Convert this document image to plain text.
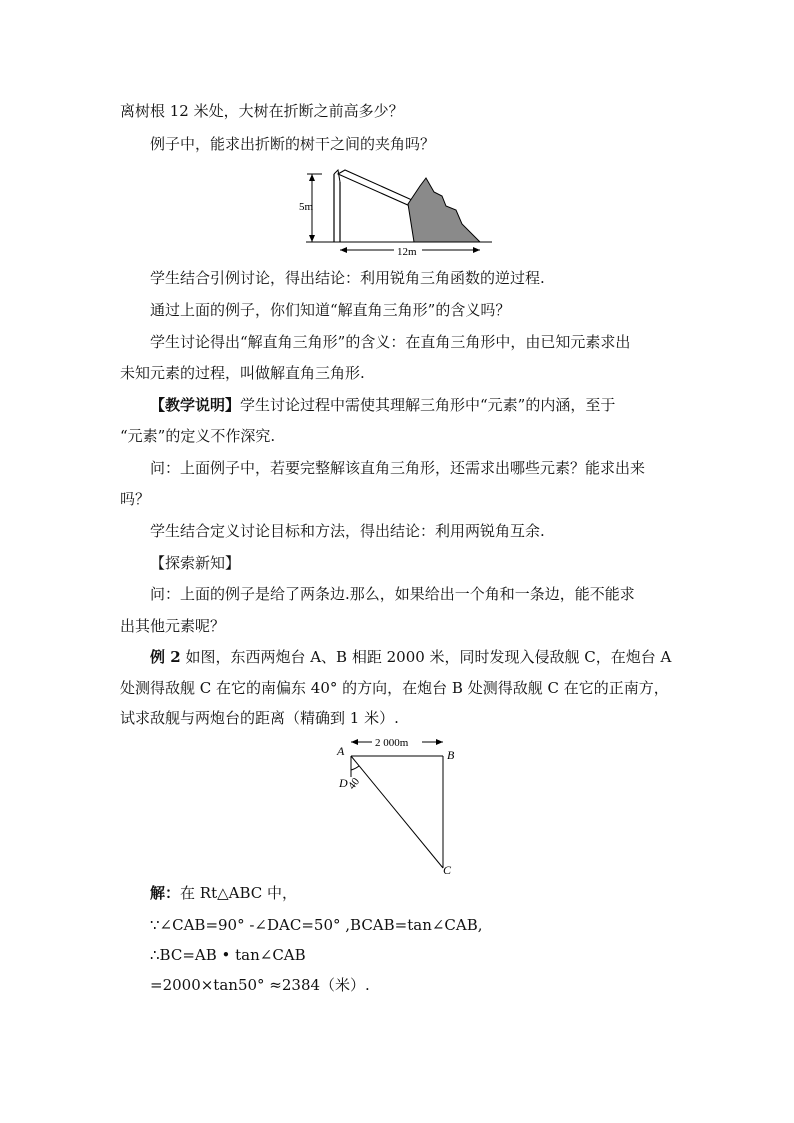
离树根 12 米处，大树在折断之前高多少？
例子中，能求出折断的树干之间的夹角吗？
5m
12m
学生结合引例讨论，得出结论：利用锐角三角函数的逆过程.
通过上面的例子，你们知道“解直角三角形”的含义吗？
学生讨论得出“解直角三角形”的含义：在直角三角形中，由已知元素求出
未知元素的过程，叫做解直角三角形.
【教学说明】学生讨论过程中需使其理解三角形中“元素”的内涵，至于
“元素”的定义不作深究.
问：上面例子中，若要完整解该直角三角形，还需求出哪些元素？能求出来
吗？
学生结合定义讨论目标和方法，得出结论：利用两锐角互余.
【探索新知】
问：上面的例子是给了两条边.那么，如果给出一个角和一条边，能不能求
出其他元素呢？
例 2 如图，东西两炮台 A、B 相距 2000 米，同时发现入侵敌舰 C，在炮台 A
处测得敌舰 C 在它的南偏东 40° 的方向，在炮台 B 处测得敌舰 C 在它的正南方，
试求敌舰与两炮台的距离（精确到 1 米）.
2 000m
A	B
C
D
40
解：在 Rt△ABC 中，
∵∠CAB=90° -∠DAC=50° ,BCAB=tan∠CAB,
∴BC=AB • tan∠CAB
=2000×tan50° ≈2384（米）.
